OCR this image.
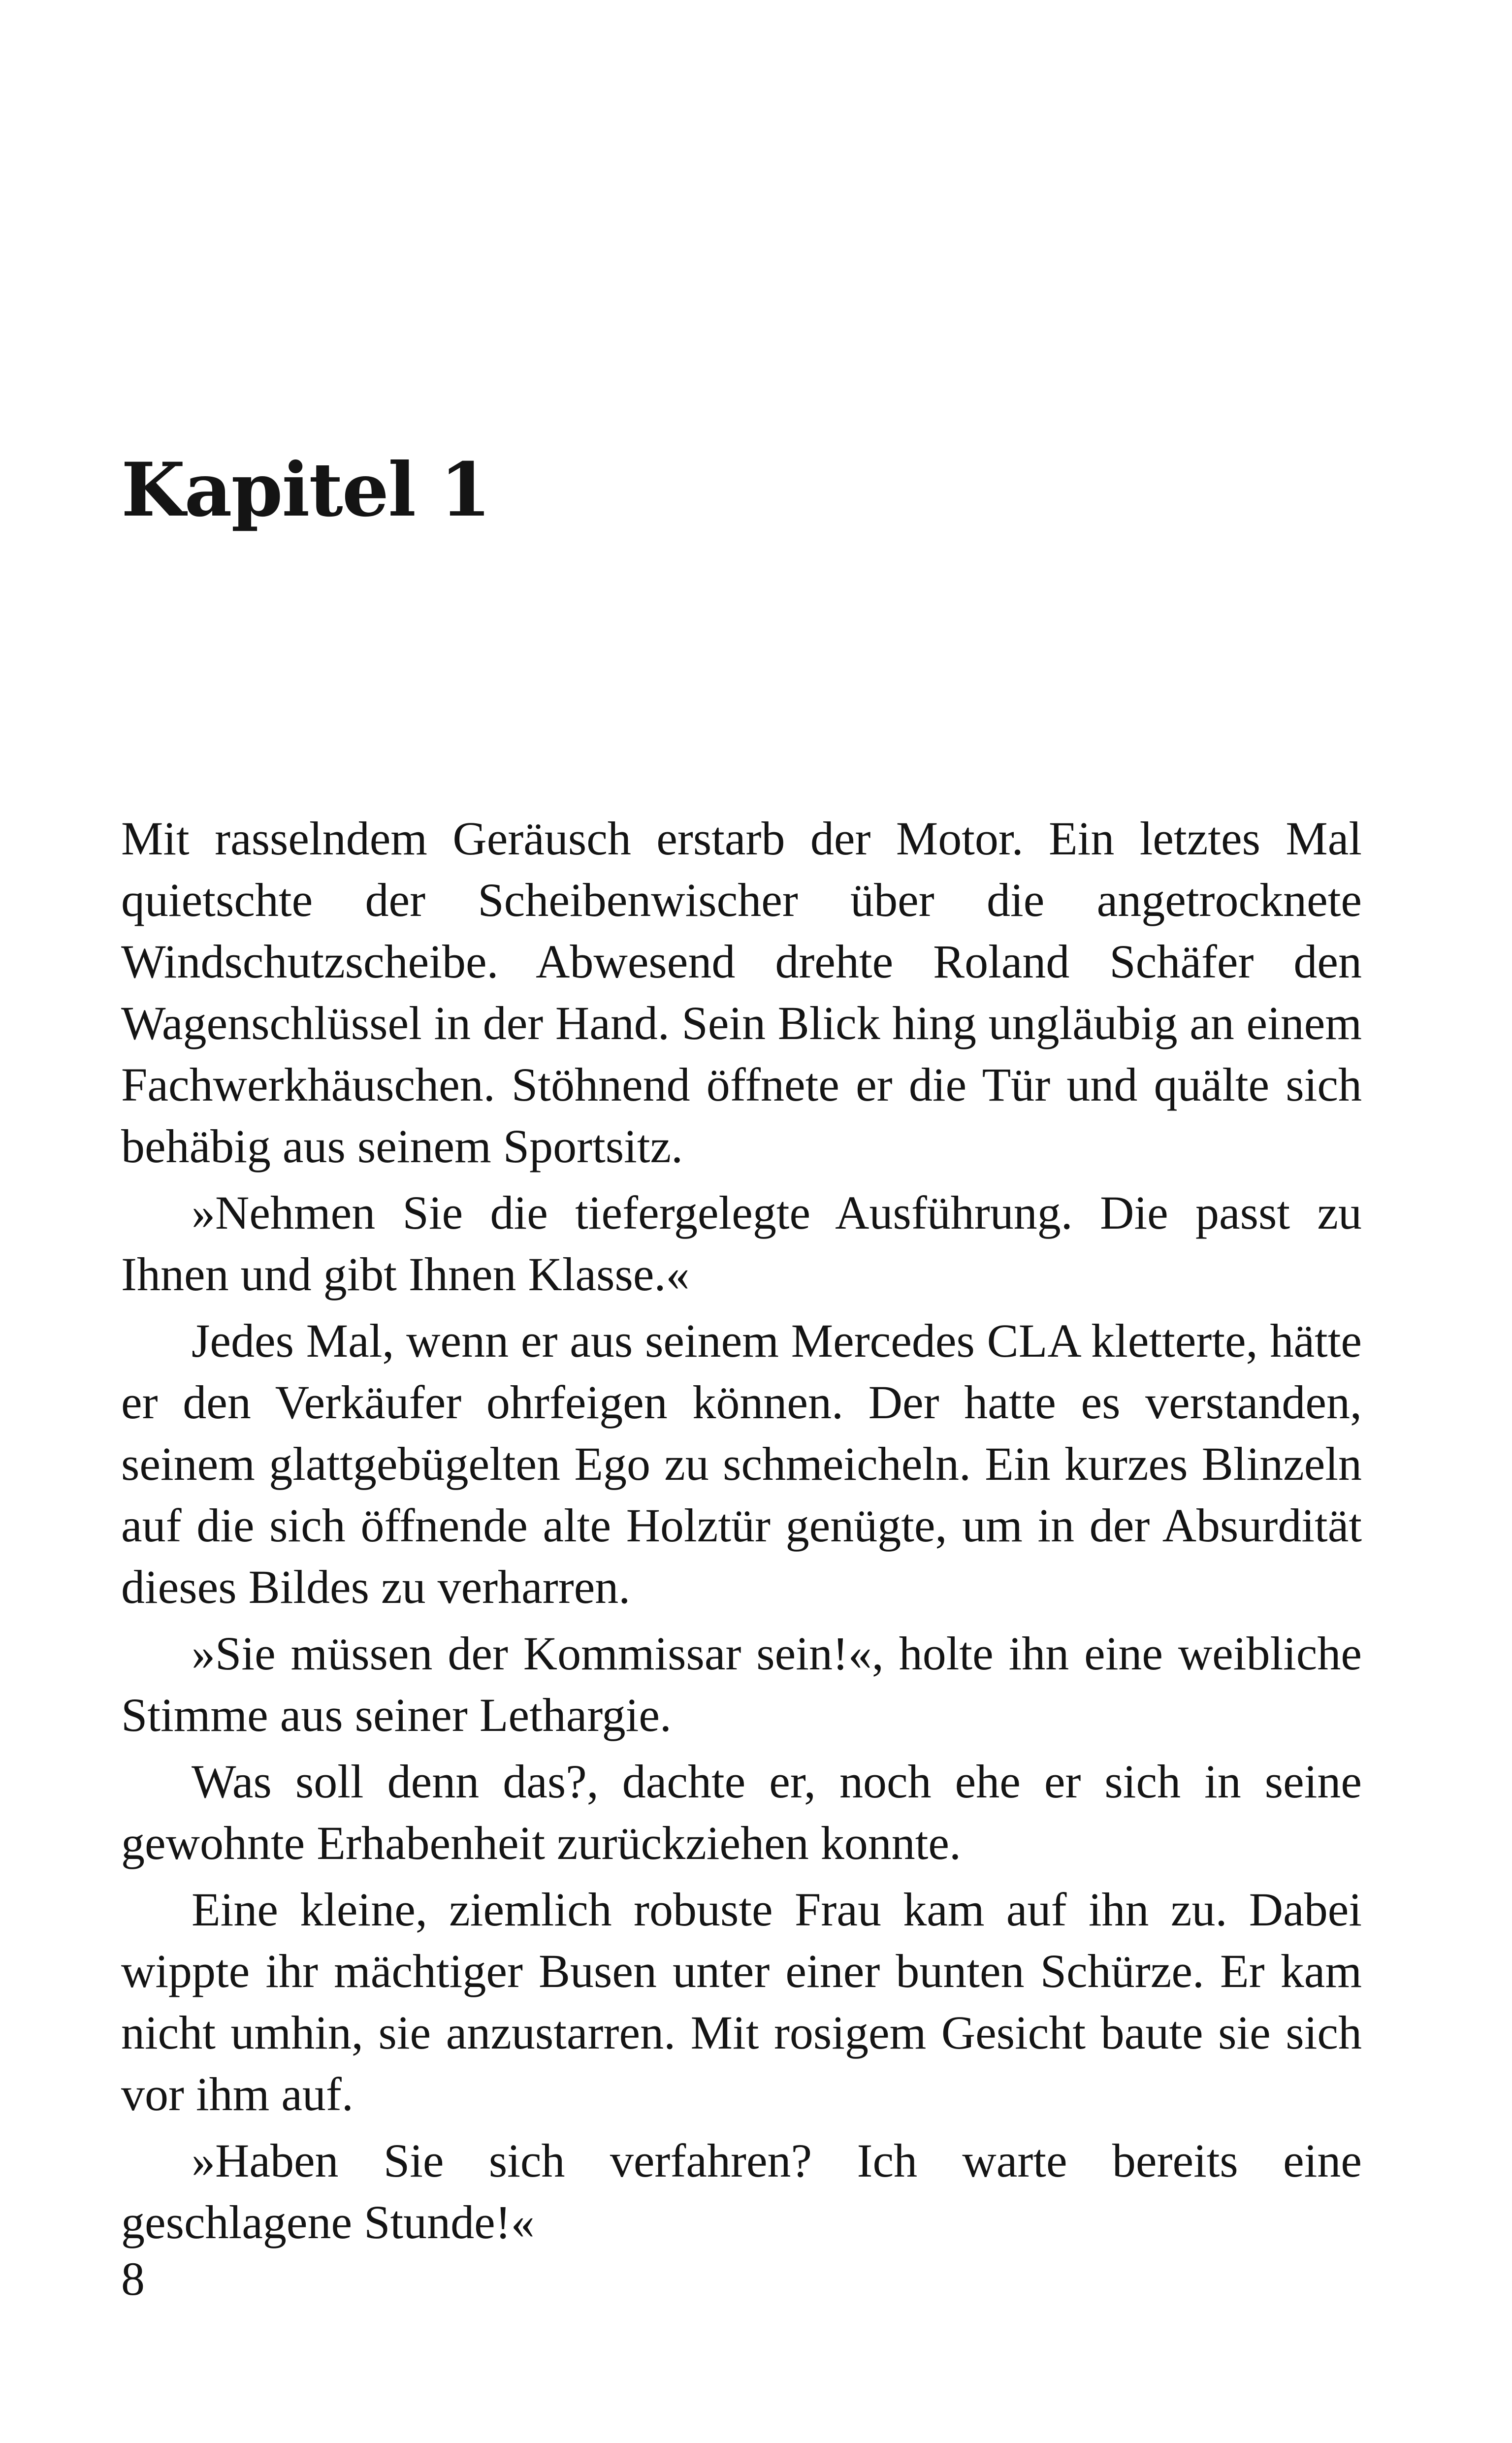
Kapitel 1

Mit rasselndem Geräusch erstarb der Motor. Ein letztes Mal quietschte der Scheibenwischer über die angetrocknete Windschutzscheibe. Abwesend drehte Roland Schäfer den Wagenschlüssel in der Hand. Sein Blick hing ungläubig an einem Fachwerkhäuschen. Stöhnend öffnete er die Tür und quälte sich behäbig aus seinem Sportsitz.

»Nehmen Sie die tiefergelegte Ausführung. Die passt zu Ihnen und gibt Ihnen Klasse.«

Jedes Mal, wenn er aus seinem Mercedes CLA kletterte, hätte er den Verkäufer ohrfeigen können. Der hatte es verstanden, seinem glattgebügelten Ego zu schmeicheln. Ein kurzes Blinzeln auf die sich öffnende alte Holztür genügte, um in der Absurdität dieses Bildes zu verharren.

»Sie müssen der Kommissar sein!«, holte ihn eine weibliche Stimme aus seiner Lethargie.

Was soll denn das?, dachte er, noch ehe er sich in seine gewohnte Erhabenheit zurückziehen konnte.

Eine kleine, ziemlich robuste Frau kam auf ihn zu. Dabei wippte ihr mächtiger Busen unter einer bunten Schürze. Er kam nicht umhin, sie anzustarren. Mit rosigem Gesicht baute sie sich vor ihm auf.

»Haben Sie sich verfahren? Ich warte bereits eine geschlagene Stunde!«

8
